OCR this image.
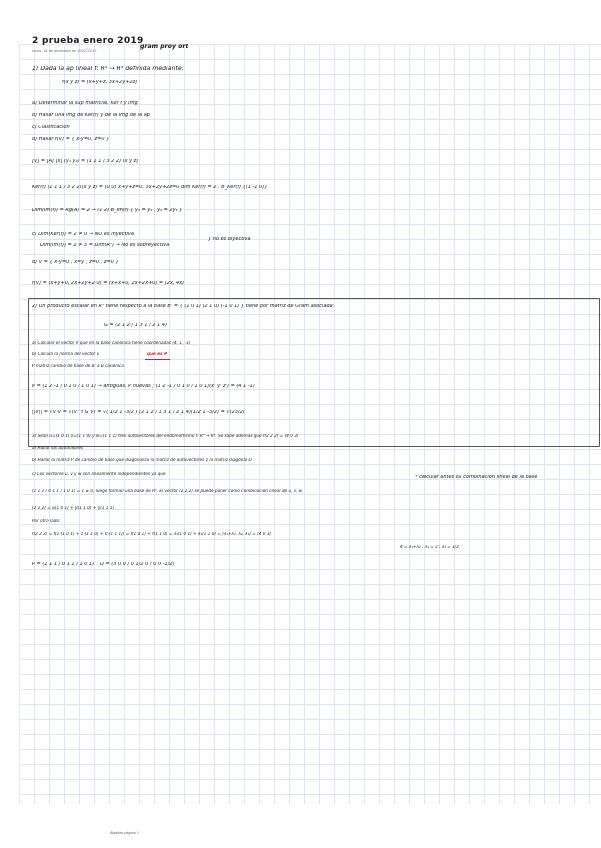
2 prueba enero 2019
lunes, 14 de diciembre de 2020 15:47
gram proy ort
1) Dada la ap lineal f: R³ → R³ definida mediante:
f(x y z) = (x+y+z, 3x+2y+2z)
a) Determinar la sup matricial, Ker f y Img
b) Hallar una img de Ker(f) y de la img de la ap
c) Clasificación
d) Hallar f(V) = { x-y=0, z=0 }
[V] = [A] [x] (y₁ y₂) = (1 1 1 / 3 2 2) (x y z)
Ker(f) (1 1 1 / 3 2 2)(x y z) = (0 0) x+y+z=0, 3x+2y+2z=0 dim Ker(f) = 2 , B_Ker(f) {(1 -1 0)}
Dim(Im(f)) = Rg(A) = 2 → (1 2) B_Im(f) { y₁ = y₁ , y₂ = 2y₁ }
c) Dim(Ker(f)) = 2 ≠ 0 → NO es inyectiva
Dim(Im(f)) = 2 ≠ 3 = Dim(R³) → No es sobreyectiva
} no es biyectiva
d) V = { x-y=0 , x=y ; z=0 , z=0 }
f(V) = (x+y+0, 2x+2y+2·0) = (x+x+0, 2x+2x+0) = (2x, 4x)
2) Un producto escalar en R³ tiene respecto a la base B' = { (1 0 1) (2 1 0) (-1 0 1) } tiene por matriz de Gram asociada:
G = (2 1 2 / 1 3 1 / 2 1 4)
a) Calcular el vector V que en la base canónica tiene coordenadas (4, 1, -1)
b) Calcula la norma del vector v	que es P
P matriz cambio de base de B' a B canónica
P = (1 2 -1 / 0 1 0 / 1 0 1) → antiguas, P nuevas ; (1 2 -1 / 0 1 0 / 1 0 1)(x' y' z') = (4 1 -1)
||V|| = √V·V = √(V^t G V) = √( 1/2 1 -3/2 ) (2 1 2 / 1 3 1 / 2 1 4)(1/2 1 -3/2) = √(23/2)
3) Sean u=(1 0 1) v=(1 1 0) y w=(1 1 1) tres autovectores del endomorfismo f: R³ → R³. Se sabe además que f(2 2 2) = (4 0 3)
a) Hallar los autovalores
b) Hallar la matriz P de cambio de base que diagonaliza la matriz de autovectores y la matriz diagonal D
c) Los vectores u, v y w son linealmente independientes ya que
* calcular antes su combinación lineal de la base
(1 1 1 / 0 1 1 / 1 0 1) = 1 ≠ 0, luego forman una base de R³. El vector (2,2,2) se puede poner como combinación lineal de u, v, w.
(2 2 2) = α(1 0 1) + β(1 1 0) + γ(1 1 1)
Por otro lado:
f(2 2 2) = f(1·(1 0 1) + 1·(1 1 0) + 0·(1 1 1)) = f(1 0 1) + f(1 1 0) = λ₁(1 0 1) + λ₂(1 1 0) = (λ₁+λ₂, λ₂, λ₁) = (4 0 3)
4 = λ₁+λ₂ ; λ₁ = 3 ; λ₂ = 1/2
P = (1 1 1 / 0 1 1 / 1 0 1) D = (3 0 0 / 0 1/2 0 / 0 0 -1/2)
Álgebra página 1
